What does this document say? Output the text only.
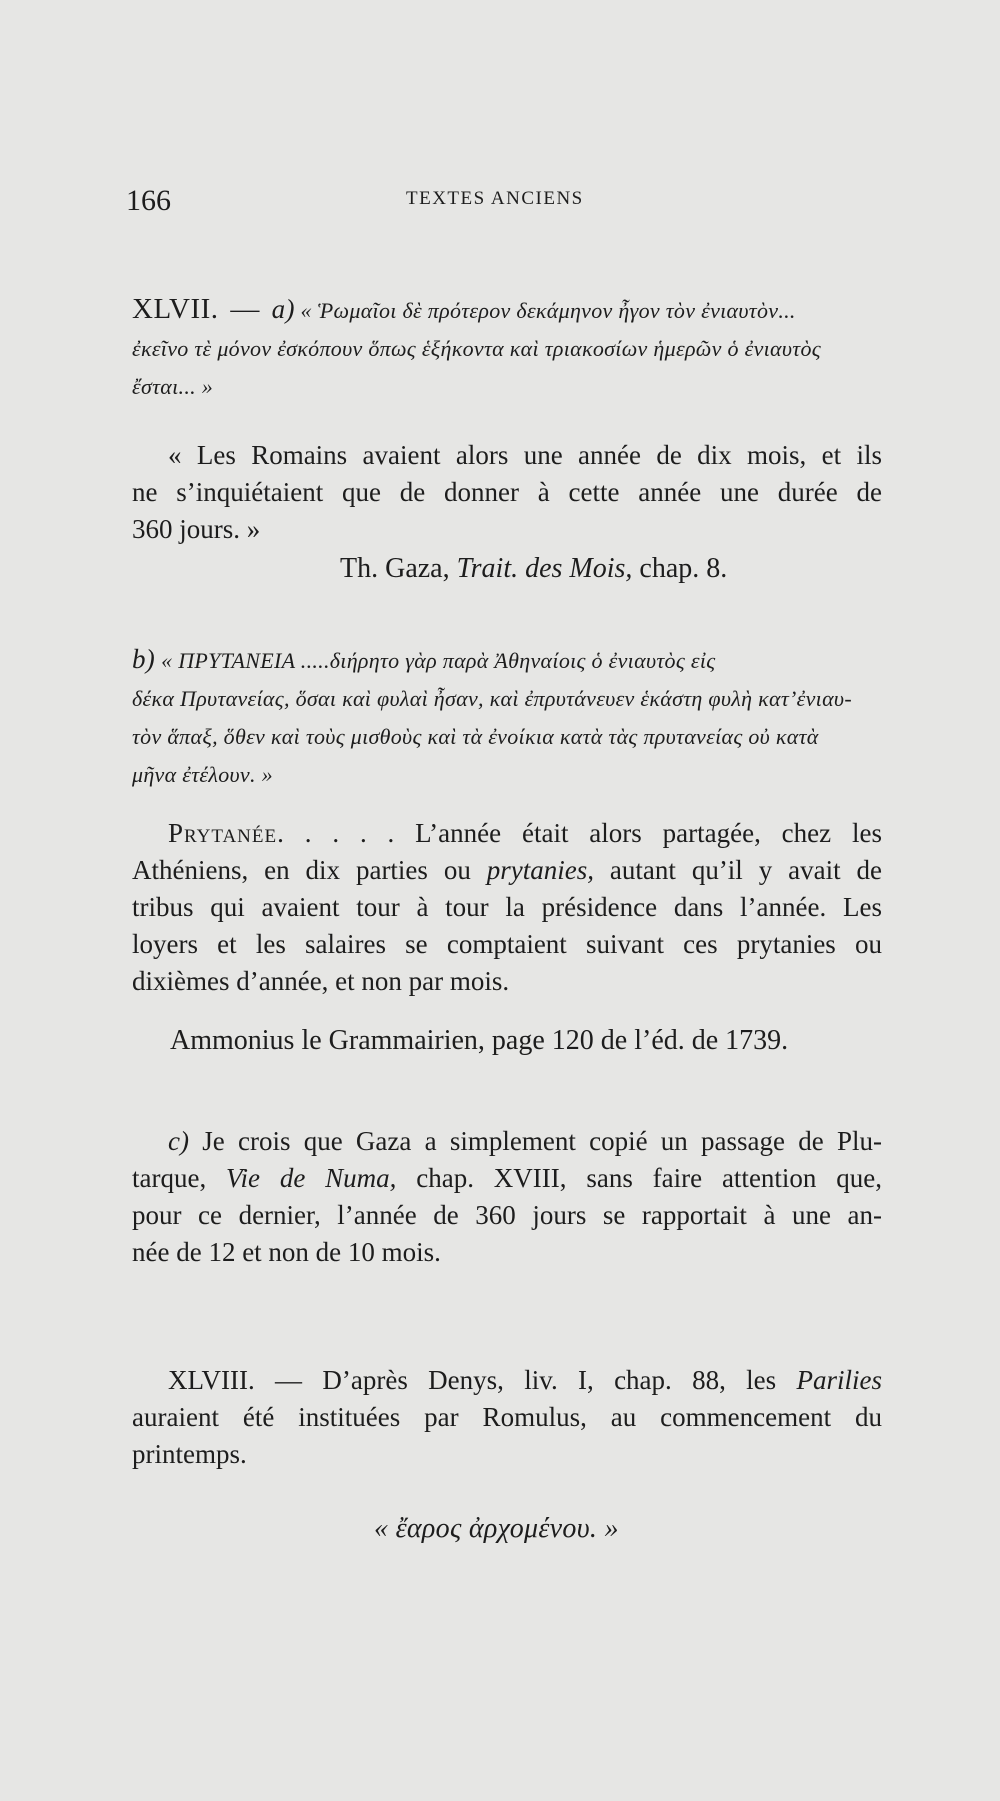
166	TEXTES ANCIENS
XLVII. — a) « Ῥωμαῖοι δὲ πρότερον δεκάμηνον ἦγον τὸν ἐνιαυτὸν...
ἐκεῖνο τὲ μόνον ἐσκόπουν ὅπως ἑξήκοντα καὶ τριακοσίων ἡμερῶν ὁ ἐνιαυτὸς
ἔσται... »
« Les Romains avaient alors une année de dix mois, et ils
ne s’inquiétaient que de donner à cette année une durée de
360 jours. »
Th. Gaza, Trait. des Mois, chap. 8.
b) « ΠΡΥΤΑΝΕΙΑ .....διήρητο γὰρ παρὰ Ἀθηναίοις ὁ ἐνιαυτὸς εἰς
δέκα Πρυτανείας, ὅσαι καὶ φυλαὶ ἦσαν, καὶ ἐπρυτάνευεν ἑκάστη φυλὴ κατ’ἐνιαυ-
τὸν ἅπαξ, ὅθεν καὶ τοὺς μισθοὺς καὶ τὰ ἐνοίκια κατὰ τὰς πρυτανείας οὐ κατὰ
μῆνα ἐτέλουν. »
Prytanée. . . . . L’année était alors partagée, chez les
Athéniens, en dix parties ou prytanies, autant qu’il y avait de
tribus qui avaient tour à tour la présidence dans l’année. Les
loyers et les salaires se comptaient suivant ces prytanies ou
dixièmes d’année, et non par mois.
Ammonius le Grammairien, page 120 de l’éd. de 1739.
c) Je crois que Gaza a simplement copié un passage de Plu-
tarque, Vie de Numa, chap. XVIII, sans faire attention que,
pour ce dernier, l’année de 360 jours se rapportait à une an-
née de 12 et non de 10 mois.
XLVIII. — D’après Denys, liv. I, chap. 88, les Parilies
auraient été instituées par Romulus, au commencement du
printemps.
« ἔαρος ἀρχομένου. »
